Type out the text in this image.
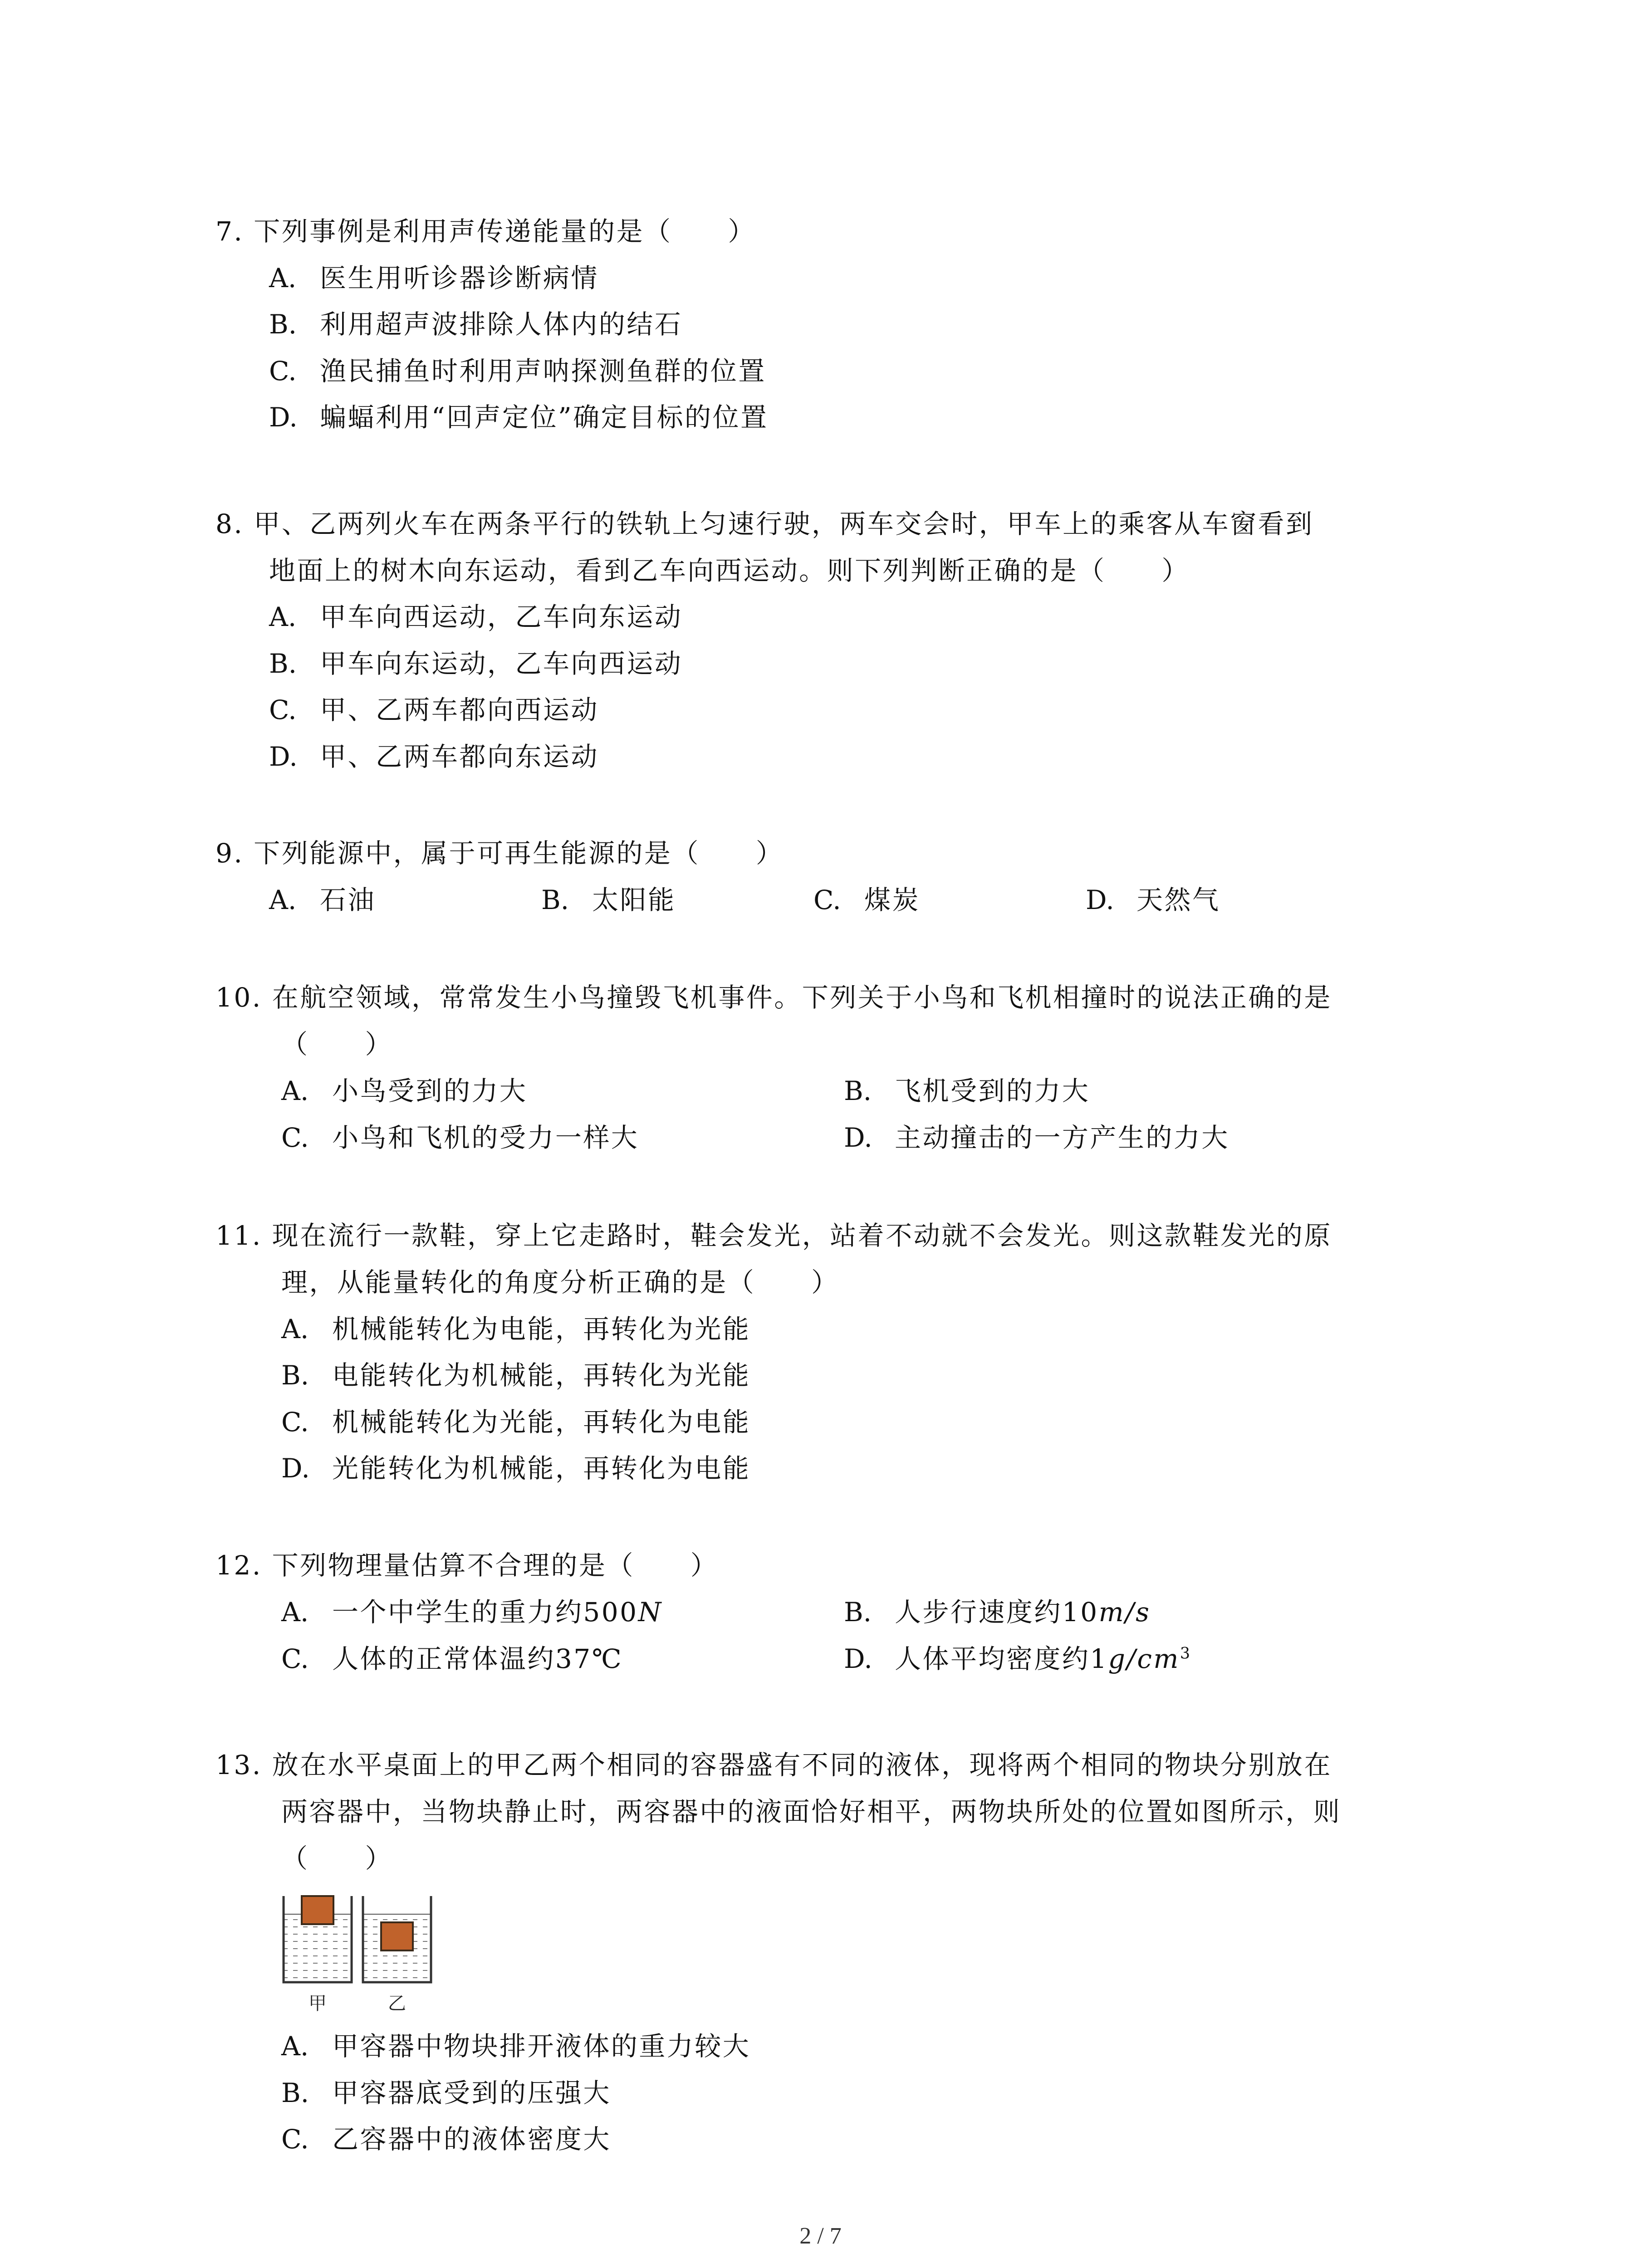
7. 下列事例是利用声传递能量的是（　　）
A. 医生用听诊器诊断病情
B. 利用超声波排除人体内的结石
C. 渔民捕鱼时利用声呐探测鱼群的位置
D. 蝙蝠利用“回声定位”确定目标的位置
8. 甲、乙两列火车在两条平行的铁轨上匀速行驶，两车交会时，甲车上的乘客从车窗看到
地面上的树木向东运动，看到乙车向西运动。则下列判断正确的是（　　）
A. 甲车向西运动，乙车向东运动
B. 甲车向东运动，乙车向西运动
C. 甲、乙两车都向西运动
D. 甲、乙两车都向东运动
9. 下列能源中，属于可再生能源的是（　　）
A. 石油	B. 太阳能	C. 煤炭	D. 天然气
10. 在航空领域，常常发生小鸟撞毁飞机事件。下列关于小鸟和飞机相撞时的说法正确的是
（　　）
A. 小鸟受到的力大	B. 飞机受到的力大
C. 小鸟和飞机的受力一样大	D. 主动撞击的一方产生的力大
11. 现在流行一款鞋，穿上它走路时，鞋会发光，站着不动就不会发光。则这款鞋发光的原
理，从能量转化的角度分析正确的是（　　）
A. 机械能转化为电能，再转化为光能
B. 电能转化为机械能，再转化为光能
C. 机械能转化为光能，再转化为电能
D. 光能转化为机械能，再转化为电能
12. 下列物理量估算不合理的是（　　）
A. 一个中学生的重力约500N	B. 人步行速度约10m/s
C. 人体的正常体温约37℃	D. 人体平均密度约$1g/cm^3$
13. 放在水平桌面上的甲乙两个相同的容器盛有不同的液体，现将两个相同的物块分别放在
两容器中，当物块静止时，两容器中的液面恰好相平，两物块所处的位置如图所示，则
（　　）
甲	乙
A. 甲容器中物块排开液体的重力较大
B. 甲容器底受到的压强大
C. 乙容器中的液体密度大
2 / 7
